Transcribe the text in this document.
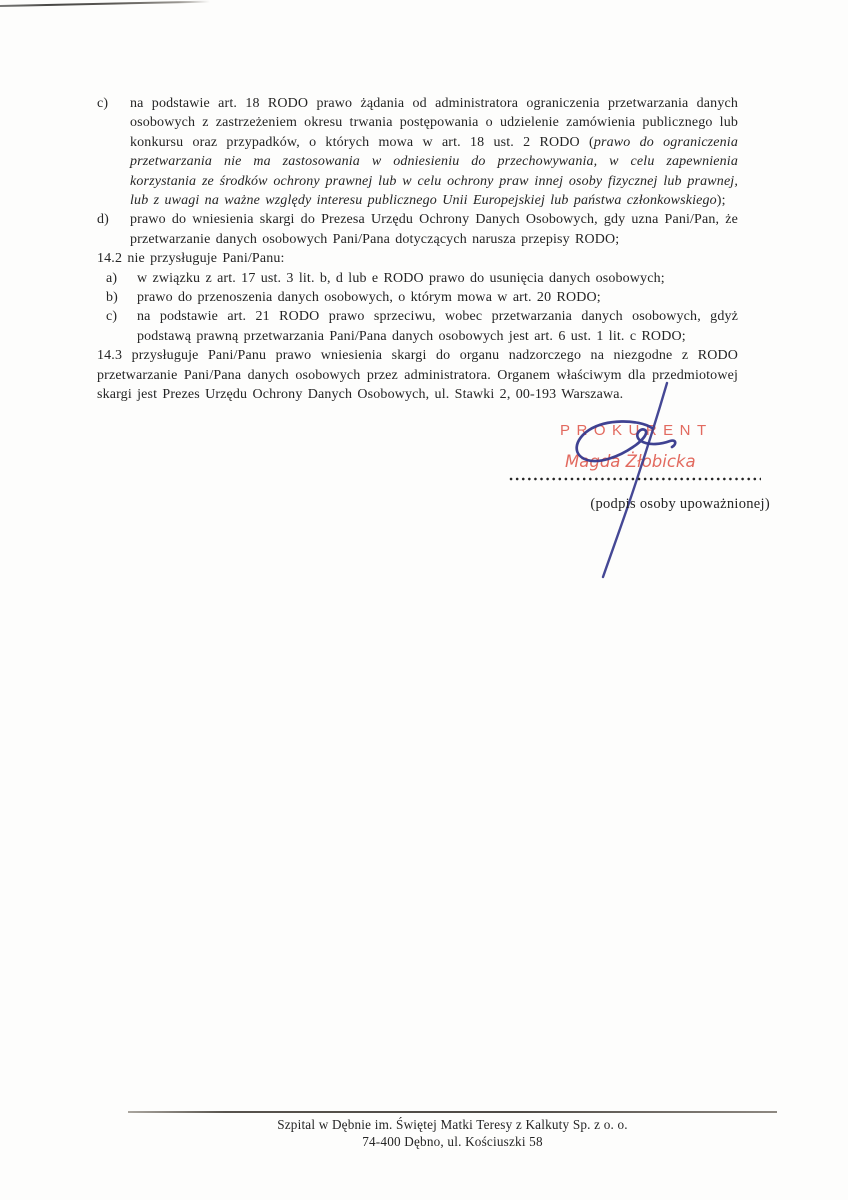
c) na podstawie art. 18 RODO prawo żądania od administratora ograniczenia przetwarzania danych osobowych z zastrzeżeniem okresu trwania postępowania o udzielenie zamówienia publicznego lub konkursu oraz przypadków, o których mowa w art. 18 ust. 2 RODO (prawo do ograniczenia przetwarzania nie ma zastosowania w odniesieniu do przechowywania, w celu zapewnienia korzystania ze środków ochrony prawnej lub w celu ochrony praw innej osoby fizycznej lub prawnej, lub z uwagi na ważne względy interesu publicznego Unii Europejskiej lub państwa członkowskiego);
d) prawo do wniesienia skargi do Prezesa Urzędu Ochrony Danych Osobowych, gdy uzna Pani/Pan, że przetwarzanie danych osobowych Pani/Pana dotyczących narusza przepisy RODO;
14.2 nie przysługuje Pani/Panu:
a) w związku z art. 17 ust. 3 lit. b, d lub e RODO prawo do usunięcia danych osobowych;
b) prawo do przenoszenia danych osobowych, o którym mowa w art. 20 RODO;
c) na podstawie art. 21 RODO prawo sprzeciwu, wobec przetwarzania danych osobowych, gdyż podstawą prawną przetwarzania Pani/Pana danych osobowych jest art. 6 ust. 1 lit. c RODO;
14.3 przysługuje Pani/Panu prawo wniesienia skargi do organu nadzorczego na niezgodne z RODO przetwarzanie Pani/Pana danych osobowych przez administratora. Organem właściwym dla przedmiotowej skargi jest Prezes Urzędu Ochrony Danych Osobowych, ul. Stawki 2, 00-193 Warszawa.
PROKURENT
Magda Żłobicka
(podpis osoby upoważnionej)
Szpital w Dębnie im. Świętej Matki Teresy z Kalkuty Sp. z o. o.
74-400 Dębno, ul. Kościuszki 58
